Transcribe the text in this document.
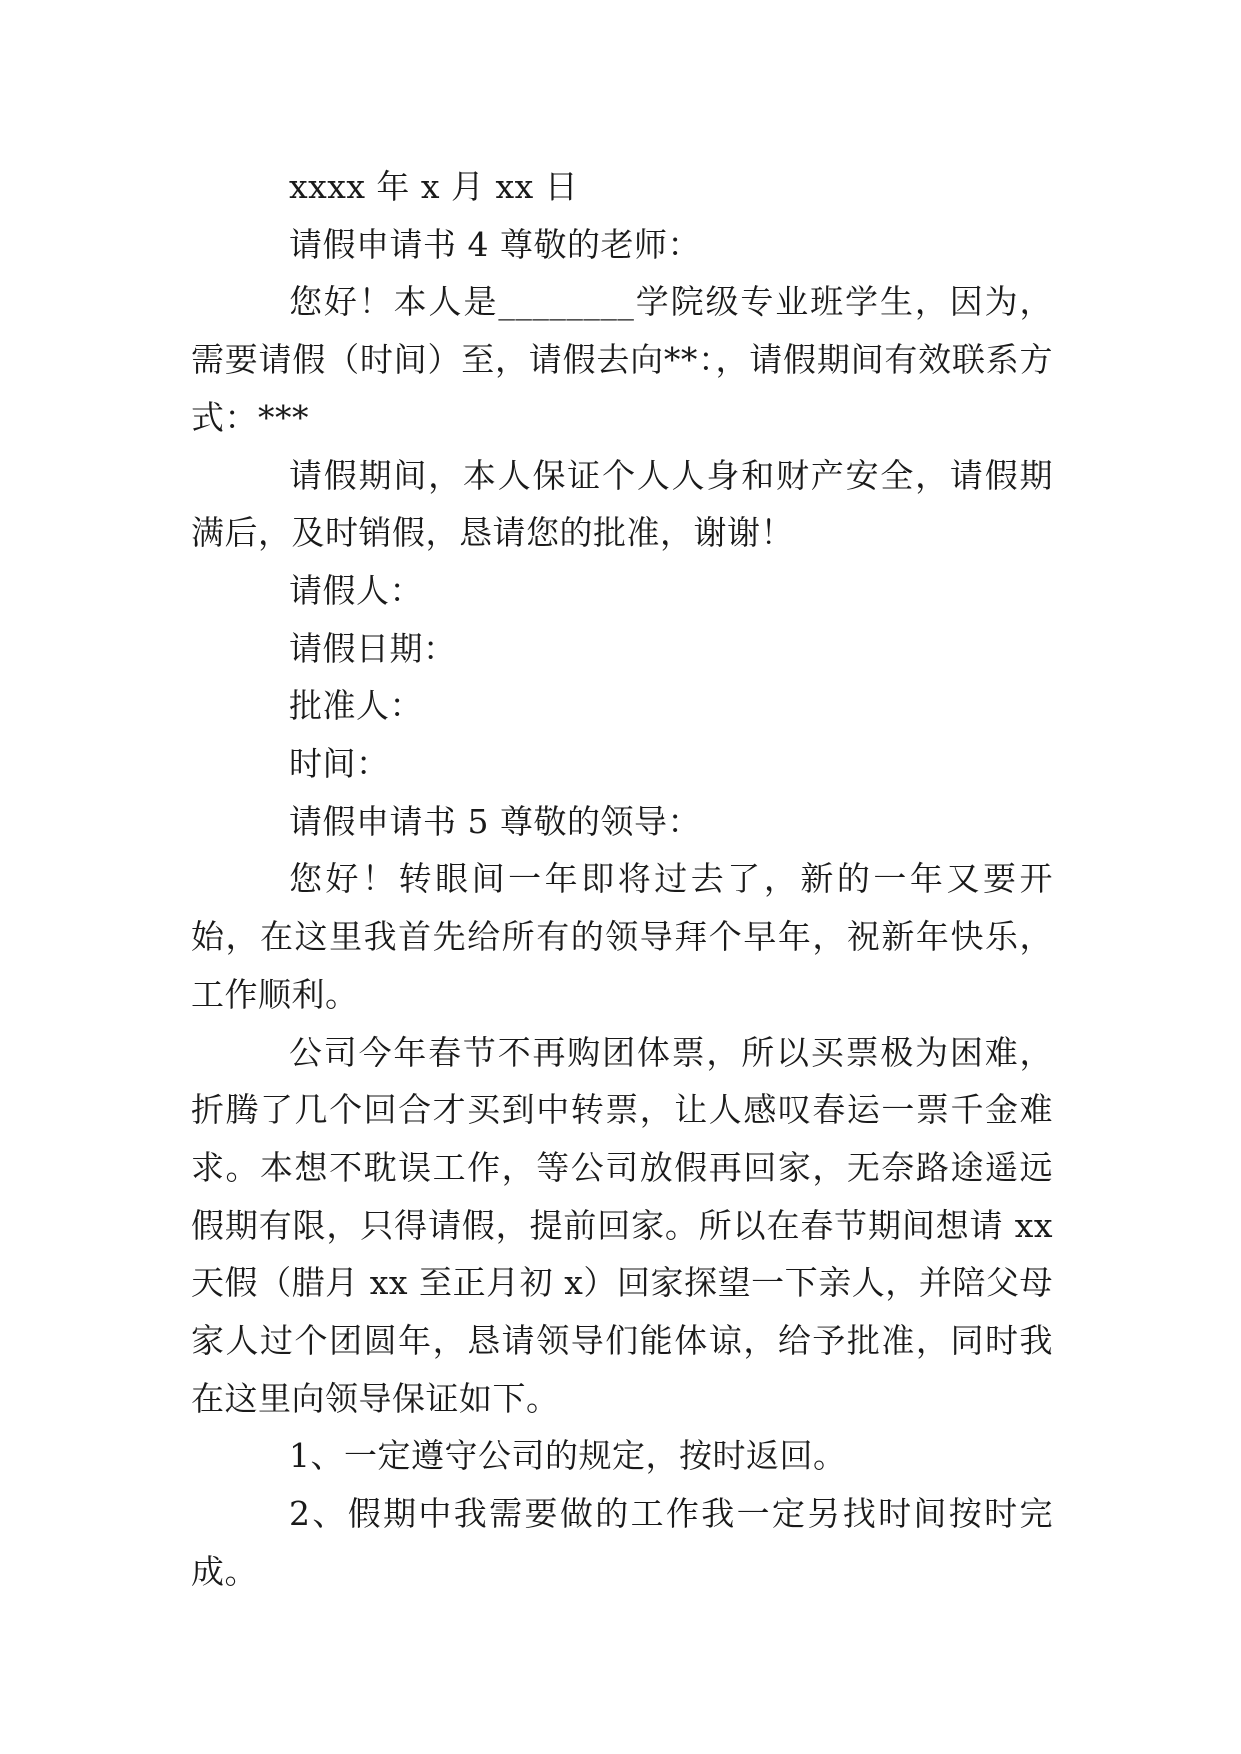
xxxx 年 x 月 xx 日

请假申请书 4 尊敬的老师：

您好！本人是________学院级专业班学生，因为，需要请假（时间）至，请假去向**：，请假期间有效联系方式：***

请假期间，本人保证个人人身和财产安全，请假期满后，及时销假，恳请您的批准，谢谢！

请假人：

请假日期：

批准人：

时间：

请假申请书 5 尊敬的领导：

您好！转眼间一年即将过去了，新的一年又要开始，在这里我首先给所有的领导拜个早年，祝新年快乐，工作顺利。

公司今年春节不再购团体票，所以买票极为困难，折腾了几个回合才买到中转票，让人感叹春运一票千金难求。本想不耽误工作，等公司放假再回家，无奈路途遥远假期有限，只得请假，提前回家。所以在春节期间想请 xx 天假（腊月 xx 至正月初 x）回家探望一下亲人，并陪父母家人过个团圆年，恳请领导们能体谅，给予批准，同时我在这里向领导保证如下。

1、一定遵守公司的规定，按时返回。

2、假期中我需要做的工作我一定另找时间按时完成。
